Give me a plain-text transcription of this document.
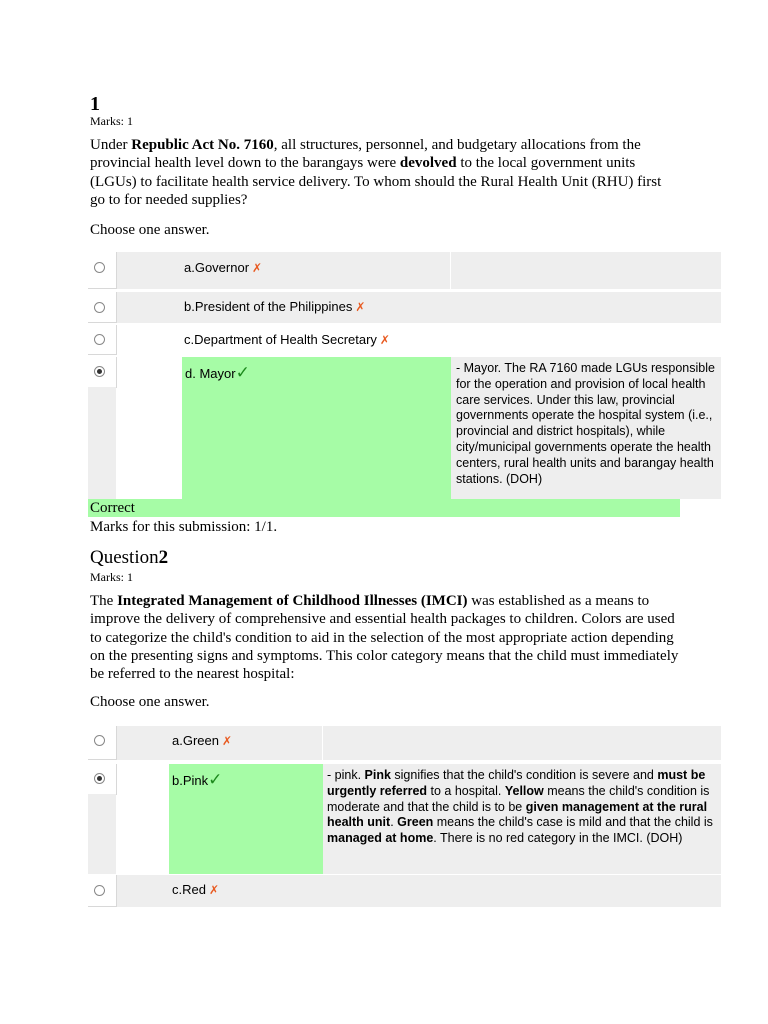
1
Marks: 1
Under Republic Act No. 7160, all structures, personnel, and budgetary allocations from the provincial health level down to the barangays were devolved to the local government units (LGUs) to facilitate health service delivery. To whom should the Rural Health Unit (RHU) first go to for needed supplies?
Choose one answer.
a.Governor ✗
b.President of the Philippines ✗
c.Department of Health Secretary ✗
d. Mayor✓	- Mayor. The RA 7160 made LGUs responsible for the operation and provision of local health care services. Under this law, provincial governments operate the hospital system (i.e., provincial and district hospitals), while city/municipal governments operate the health centers, rural health units and barangay health stations. (DOH)
Correct
Marks for this submission: 1/1.
Question2
Marks: 1
The Integrated Management of Childhood Illnesses (IMCI) was established as a means to improve the delivery of comprehensive and essential health packages to children. Colors are used to categorize the child's condition to aid in the selection of the most appropriate action depending on the presenting signs and symptoms. This color category means that the child must immediately be referred to the nearest hospital:
Choose one answer.
a.Green ✗
b.Pink✓	- pink. Pink signifies that the child's condition is severe and must be urgently referred to a hospital. Yellow means the child's condition is moderate and that the child is to be given management at the rural health unit. Green means the child's case is mild and that the child is managed at home. There is no red category in the IMCI. (DOH)
c.Red ✗
